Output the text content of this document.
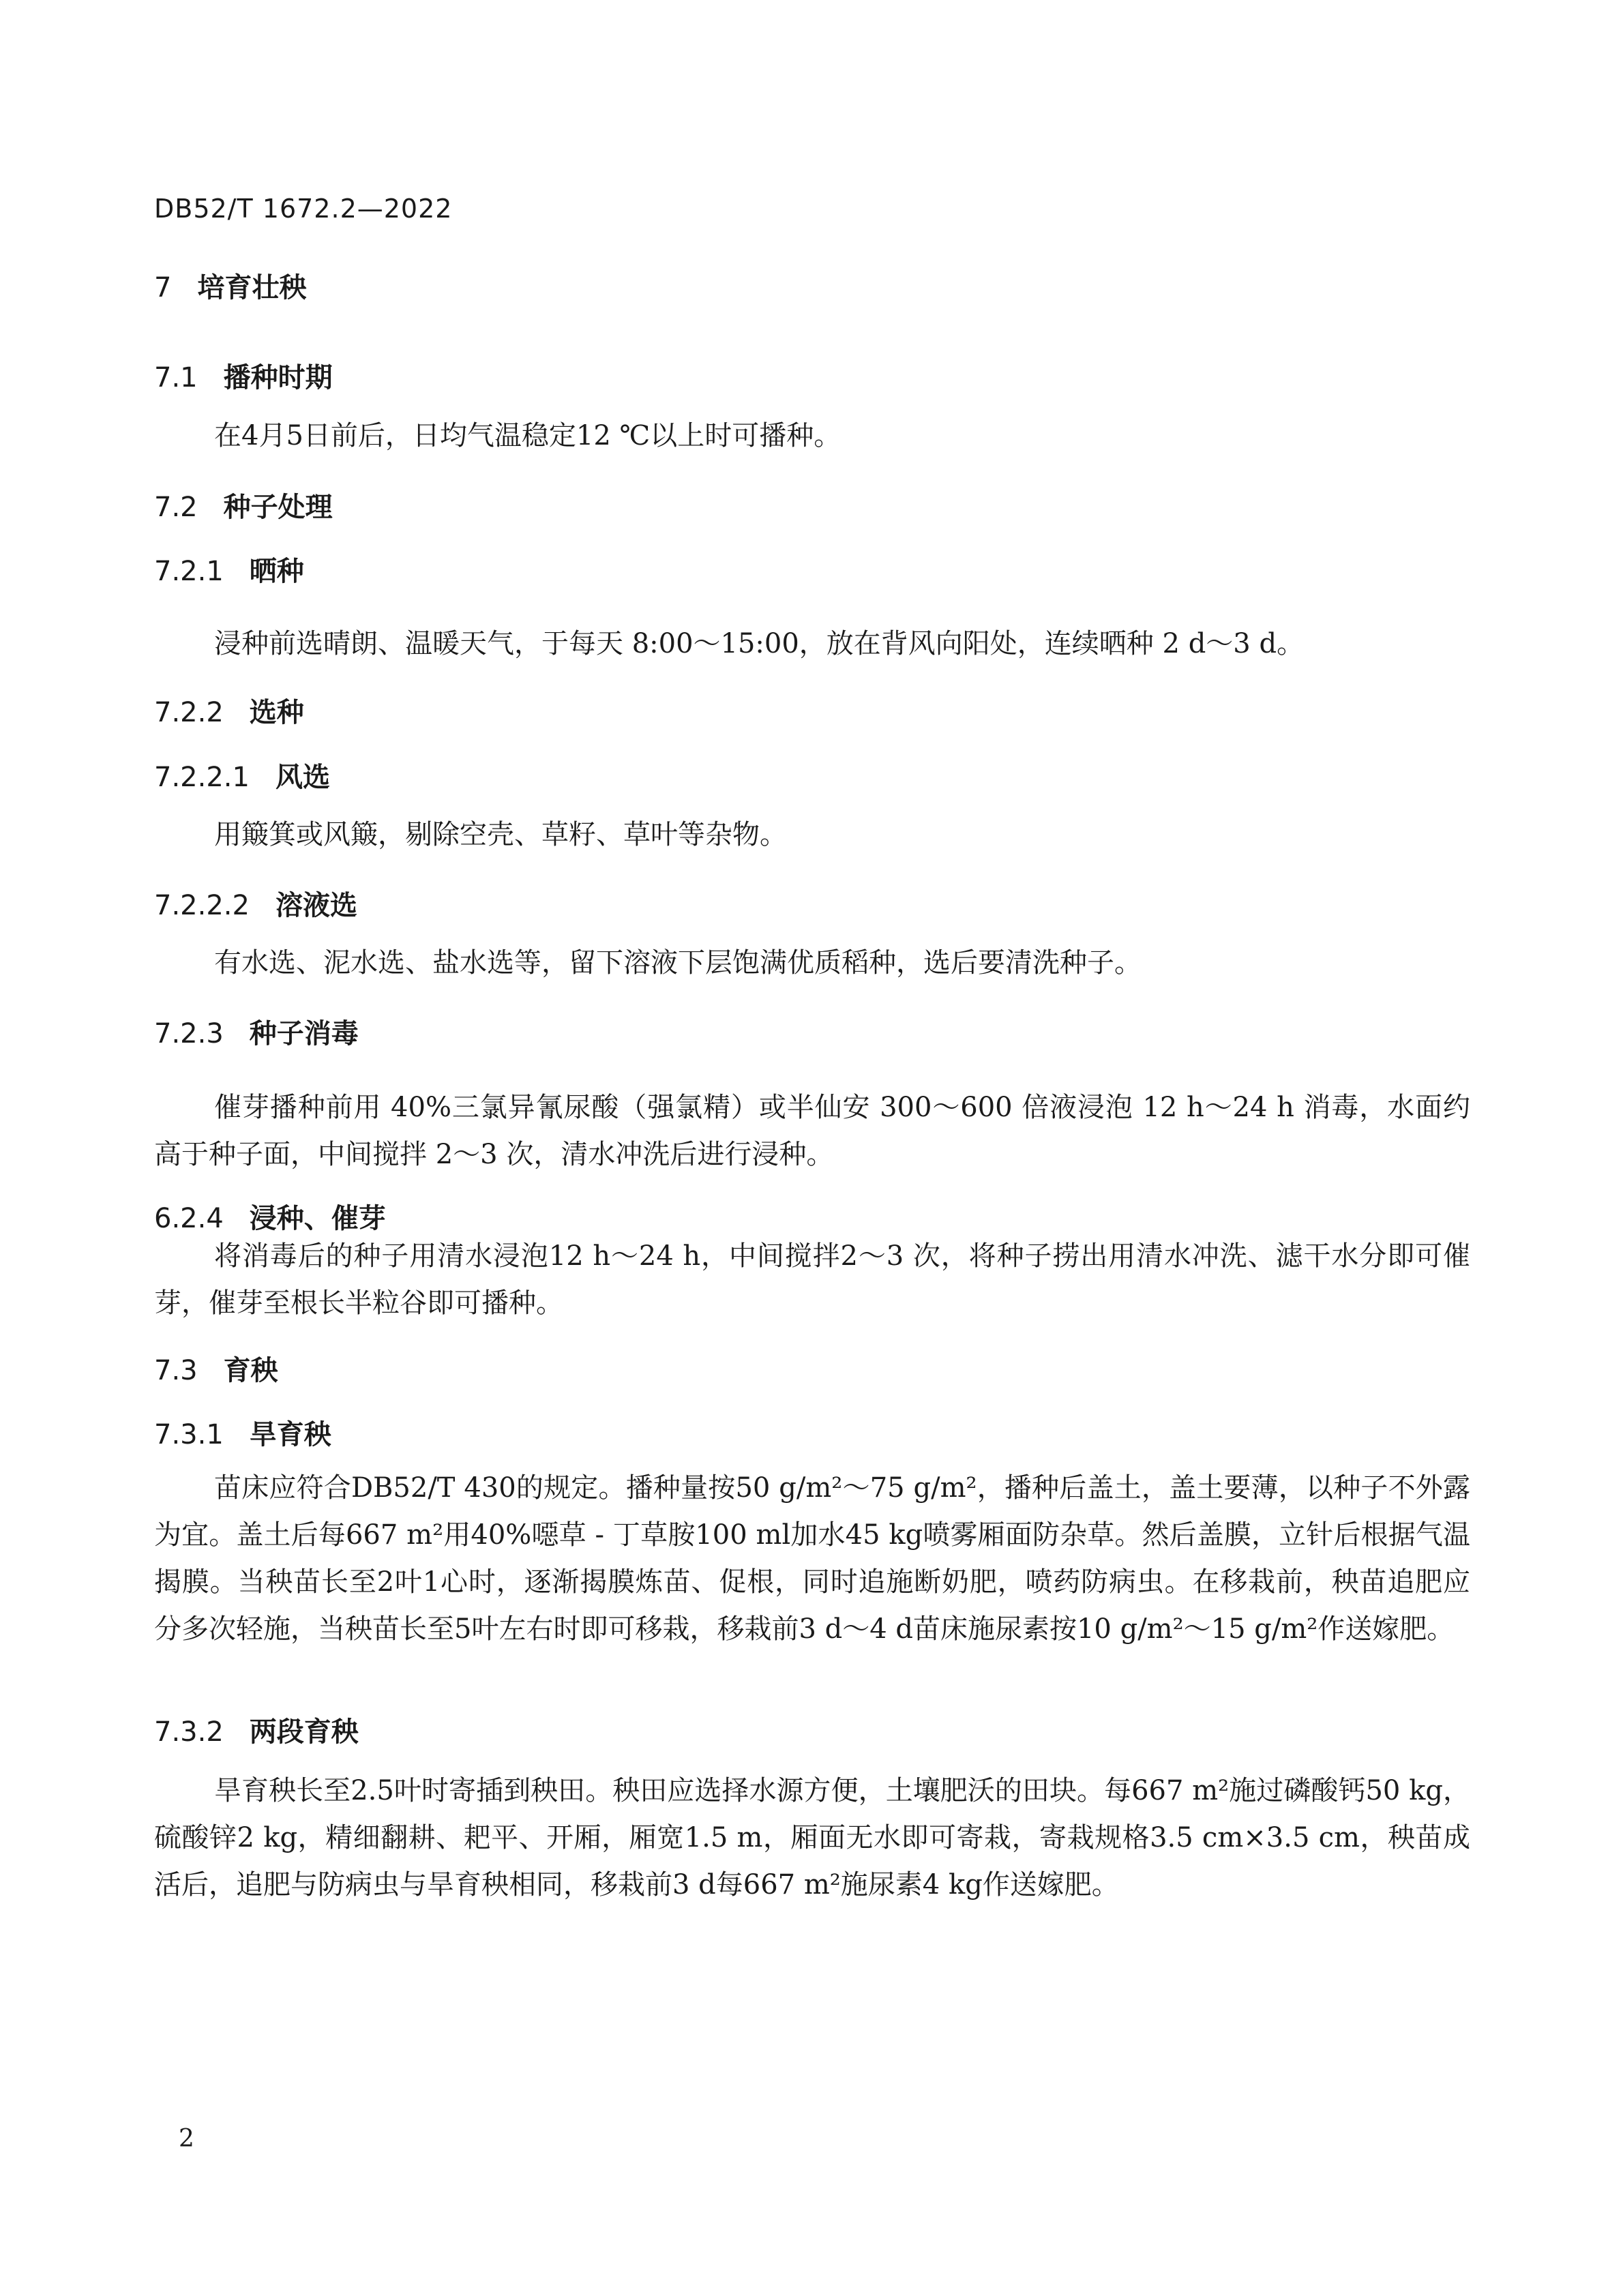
DB52/T 1672.2—2022
7 培育壮秧
7.1 播种时期
在4月5日前后，日均气温稳定12 ℃以上时可播种。
7.2 种子处理
7.2.1 晒种
浸种前选晴朗、温暖天气，于每天 8:00～15:00，放在背风向阳处，连续晒种 2 d～3 d。
7.2.2 选种
7.2.2.1 风选
用簸箕或风簸，剔除空壳、草籽、草叶等杂物。
7.2.2.2 溶液选
有水选、泥水选、盐水选等，留下溶液下层饱满优质稻种，选后要清洗种子。
7.2.3 种子消毒
催芽播种前用 40%三氯异氰尿酸（强氯精）或半仙安 300～600 倍液浸泡 12 h～24 h 消毒，水面约高于种子面，中间搅拌 2～3 次，清水冲洗后进行浸种。
6.2.4 浸种、催芽
将消毒后的种子用清水浸泡12 h～24 h，中间搅拌2～3 次，将种子捞出用清水冲洗、滤干水分即可催芽，催芽至根长半粒谷即可播种。
7.3 育秧
7.3.1 旱育秧
苗床应符合DB52/T 430的规定。播种量按50 g/m²～75 g/m²，播种后盖土，盖土要薄，以种子不外露为宜。盖土后每667 m²用40%噁草 - 丁草胺100 ml加水45 kg喷雾厢面防杂草。然后盖膜，立针后根据气温揭膜。当秧苗长至2叶1心时，逐渐揭膜炼苗、促根，同时追施断奶肥，喷药防病虫。在移栽前，秧苗追肥应分多次轻施，当秧苗长至5叶左右时即可移栽，移栽前3 d～4 d苗床施尿素按10 g/m²～15 g/m²作送嫁肥。
7.3.2 两段育秧
旱育秧长至2.5叶时寄插到秧田。秧田应选择水源方便，土壤肥沃的田块。每667 m²施过磷酸钙50 kg，硫酸锌2 kg，精细翻耕、耙平、开厢，厢宽1.5 m，厢面无水即可寄栽，寄栽规格3.5 cm×3.5 cm，秧苗成活后，追肥与防病虫与旱育秧相同，移栽前3 d每667 m²施尿素4 kg作送嫁肥。
2
